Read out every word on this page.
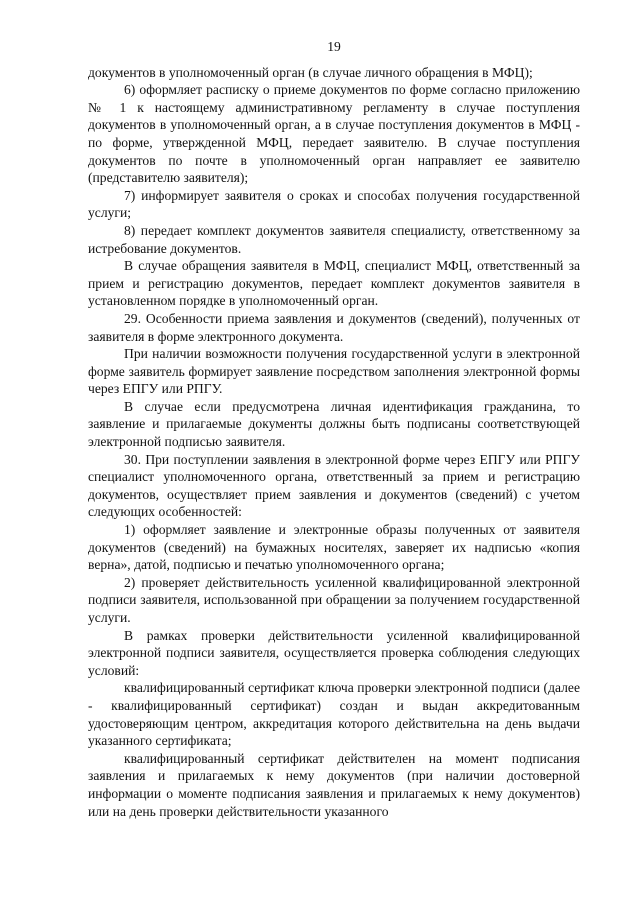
19

документов в уполномоченный орган (в случае личного обращения в МФЦ);

6) оформляет расписку о приеме документов по форме согласно приложению № 1 к настоящему административному регламенту в случае поступления документов в уполномоченный орган, а в случае поступления документов в МФЦ - по форме, утвержденной МФЦ, передает заявителю. В случае поступления документов по почте в уполномоченный орган направляет ее заявителю (представителю заявителя);

7) информирует заявителя о сроках и способах получения государственной услуги;

8) передает комплект документов заявителя специалисту, ответственному за истребование документов.

В случае обращения заявителя в МФЦ, специалист МФЦ, ответственный за прием и регистрацию документов, передает комплект документов заявителя в установленном порядке в уполномоченный орган.

29. Особенности приема заявления и документов (сведений), полученных от заявителя в форме электронного документа.

При наличии возможности получения государственной услуги в электронной форме заявитель формирует заявление посредством заполнения электронной формы через ЕПГУ или РПГУ.

В случае если предусмотрена личная идентификация гражданина, то заявление и прилагаемые документы должны быть подписаны соответствующей электронной подписью заявителя.

30. При поступлении заявления в электронной форме через ЕПГУ или РПГУ специалист уполномоченного органа, ответственный за прием и регистрацию документов, осуществляет прием заявления и документов (сведений) с учетом следующих особенностей:

1) оформляет заявление и электронные образы полученных от заявителя документов (сведений) на бумажных носителях, заверяет их надписью «копия верна», датой, подписью и печатью уполномоченного органа;

2) проверяет действительность усиленной квалифицированной электронной подписи заявителя, использованной при обращении за получением государственной услуги.

В рамках проверки действительности усиленной квалифицированной электронной подписи заявителя, осуществляется проверка соблюдения следующих условий:

квалифицированный сертификат ключа проверки электронной подписи (далее - квалифицированный сертификат) создан и выдан аккредитованным удостоверяющим центром, аккредитация которого действительна на день выдачи указанного сертификата;

квалифицированный сертификат действителен на момент подписания заявления и прилагаемых к нему документов (при наличии достоверной информации о моменте подписания заявления и прилагаемых к нему документов) или на день проверки действительности указанного
